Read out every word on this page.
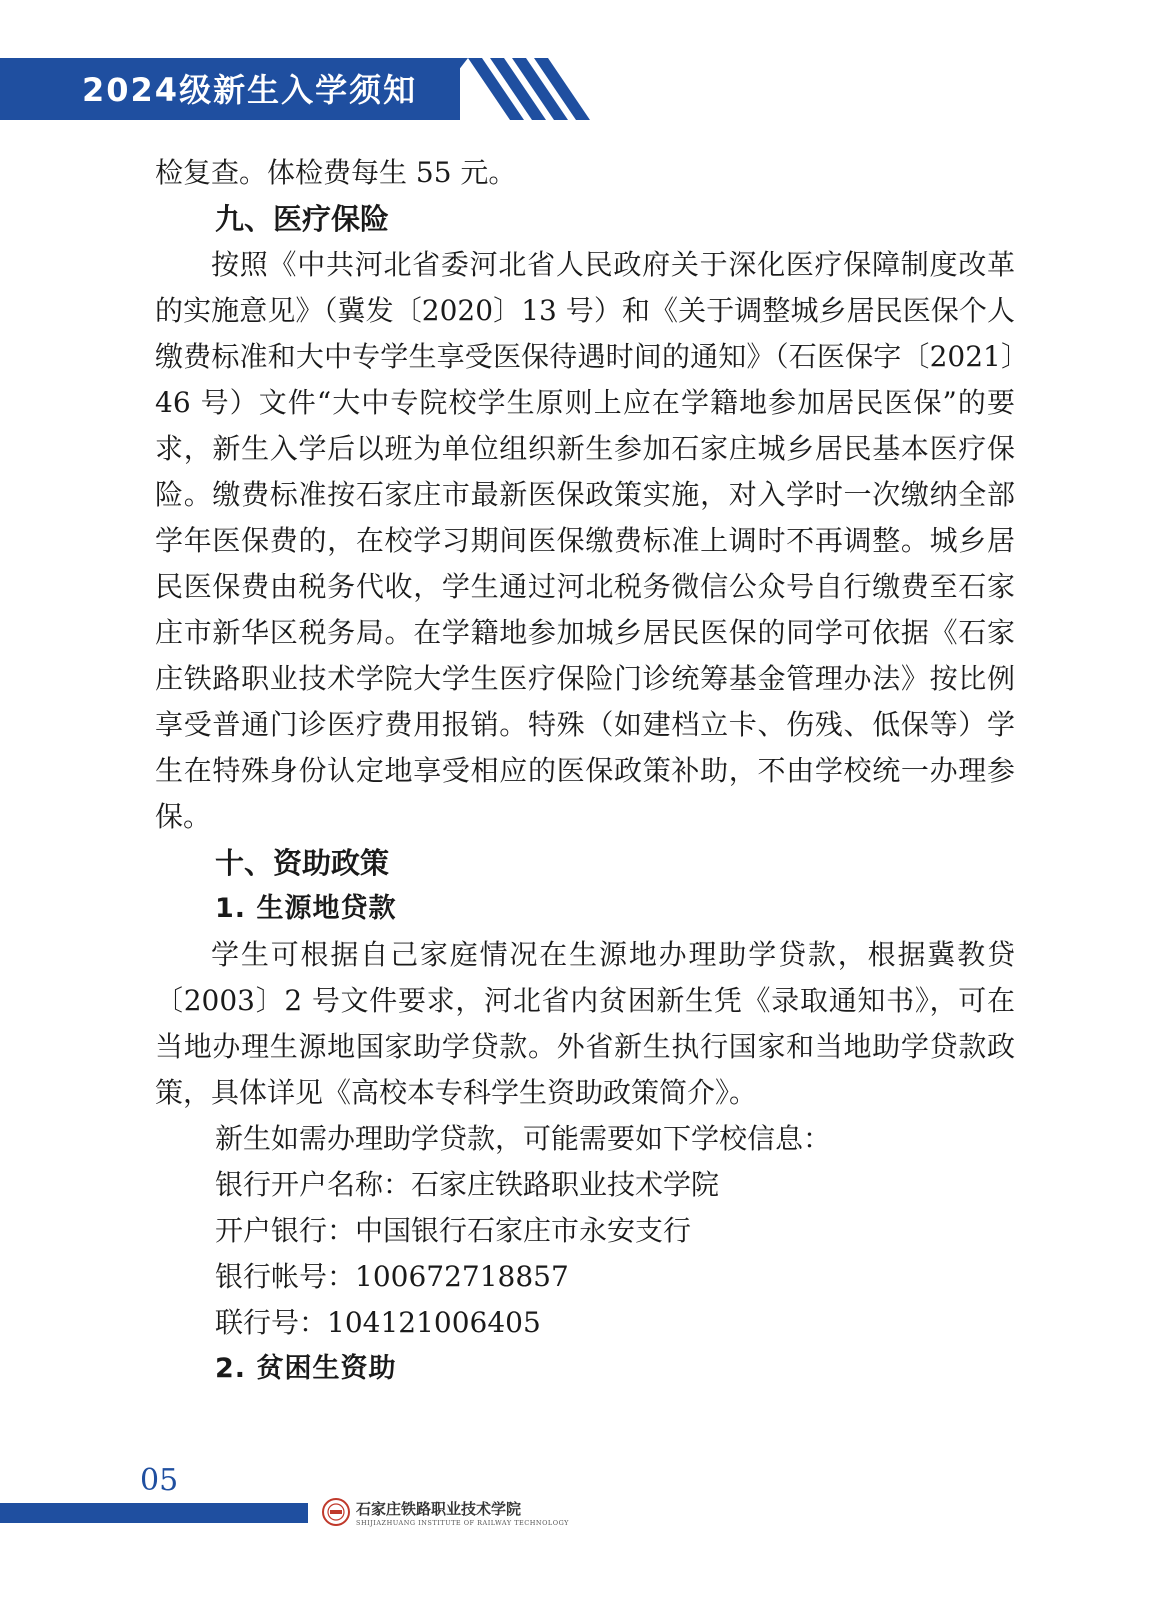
2024级新生入学须知

检复查。体检费每生 55 元。

九、医疗保险

按照《中共河北省委河北省人民政府关于深化医疗保障制度改革的实施意见》（冀发〔2020〕13 号）和《关于调整城乡居民医保个人缴费标准和大中专学生享受医保待遇时间的通知》（石医保字〔2021〕46 号）文件“大中专院校学生原则上应在学籍地参加居民医保”的要求，新生入学后以班为单位组织新生参加石家庄城乡居民基本医疗保险。缴费标准按石家庄市最新医保政策实施，对入学时一次缴纳全部学年医保费的，在校学习期间医保缴费标准上调时不再调整。城乡居民医保费由税务代收，学生通过河北税务微信公众号自行缴费至石家庄市新华区税务局。在学籍地参加城乡居民医保的同学可依据《石家庄铁路职业技术学院大学生医疗保险门诊统筹基金管理办法》按比例享受普通门诊医疗费用报销。特殊（如建档立卡、伤残、低保等）学生在特殊身份认定地享受相应的医保政策补助，不由学校统一办理参保。

十、资助政策

1. 生源地贷款

学生可根据自己家庭情况在生源地办理助学贷款，根据冀教贷〔2003〕2 号文件要求，河北省内贫困新生凭《录取通知书》，可在当地办理生源地国家助学贷款。外省新生执行国家和当地助学贷款政策，具体详见《高校本专科学生资助政策简介》。

新生如需办理助学贷款，可能需要如下学校信息：

银行开户名称：石家庄铁路职业技术学院

开户银行：中国银行石家庄市永安支行

银行帐号：100672718857

联行号：104121006405

2. 贫困生资助

05
石家庄铁路职业技术学院
SHIJIAZHUANG INSTITUTE OF RAILWAY TECHNOLOGY
